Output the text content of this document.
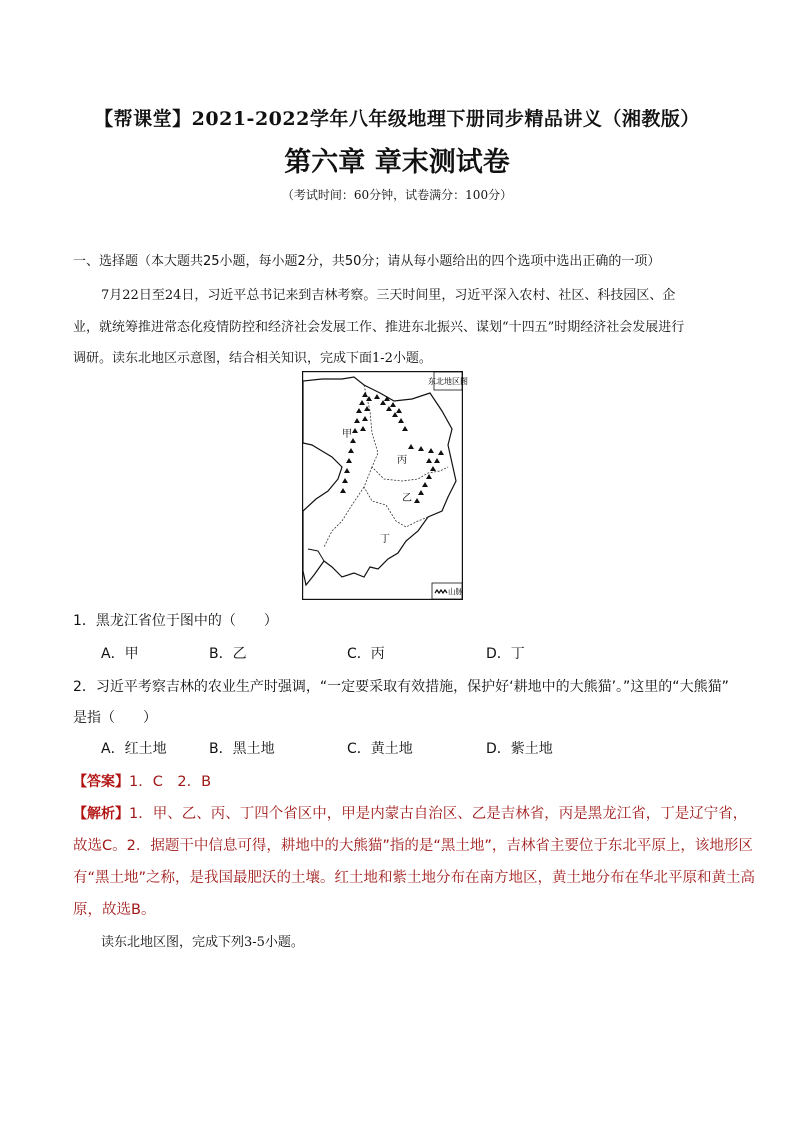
【帮课堂】2021-2022学年八年级地理下册同步精品讲义（湘教版）
第六章 章末测试卷
（考试时间：60分钟，试卷满分：100分）
一、选择题（本大题共25小题，每小题2分，共50分；请从每小题给出的四个选项中选出正确的一项）
7月22日至24日，习近平总书记来到吉林考察。三天时间里，习近平深入农村、社区、科技园区、企
业，就统筹推进常态化疫情防控和经济社会发展工作、推进东北振兴、谋划“十四五”时期经济社会发展进行
调研。读东北地区示意图，结合相关知识，完成下面1-2小题。
东北地区图
甲
丙
乙
丁
山脉
1．黑龙江省位于图中的（　　）
A．甲	B．乙	C．丙	D．丁
2．习近平考察吉林的农业生产时强调，“一定要采取有效措施，保护好‘耕地中的大熊猫’。”这里的“大熊猫”
是指（　　）
A．红土地	B．黑土地	C．黄土地	D．紫土地
【答案】1．C　2．B
【解析】1．甲、乙、丙、丁四个省区中，甲是内蒙古自治区、乙是吉林省，丙是黑龙江省，丁是辽宁省，
故选C。2．据题干中信息可得，耕地中的大熊猫”指的是“黑土地”，吉林省主要位于东北平原上，该地形区
有“黑土地”之称，是我国最肥沃的土壤。红土地和紫土地分布在南方地区，黄土地分布在华北平原和黄土高
原，故选B。
读东北地区图，完成下列3-5小题。
